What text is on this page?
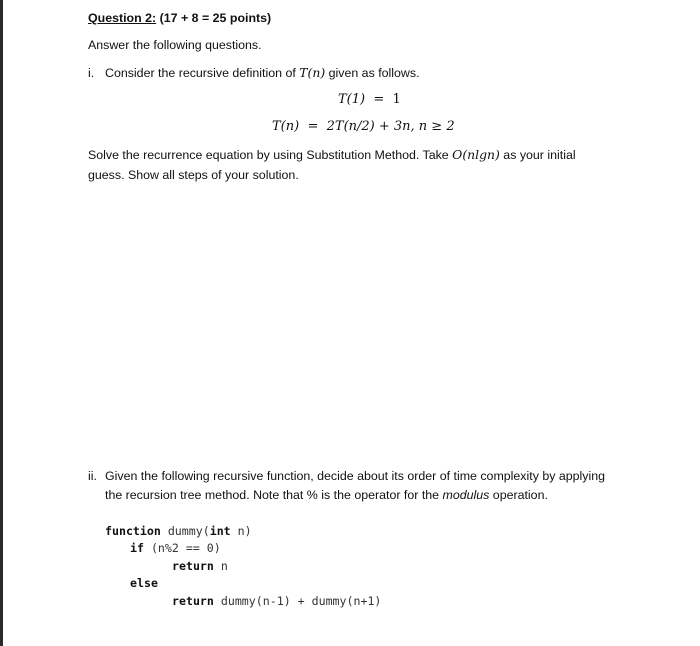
Question 2: (17 + 8 = 25 points)
Answer the following questions.
i. Consider the recursive definition of T(n) given as follows.
T(1) = 1
T(n) = 2T(n/2) + 3n, n ≥ 2
Solve the recurrence equation by using Substitution Method. Take O(nlgn) as your initial
guess. Show all steps of your solution.
ii. Given the following recursive function, decide about its order of time complexity by applying
the recursion tree method. Note that % is the operator for the modulus operation.
function dummy(int n)
if (n%2 == 0)
return n
else
return dummy(n-1) + dummy(n+1)
